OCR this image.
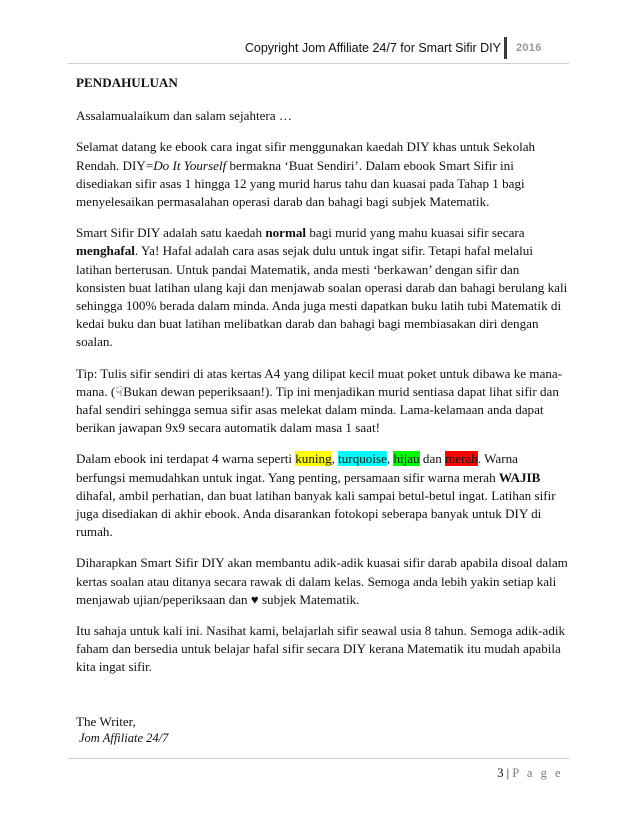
Copyright Jom Affiliate 24/7 for Smart Sifir DIY 2016

PENDAHULUAN

Assalamualaikum dan salam sejahtera …

Selamat datang ke ebook cara ingat sifir menggunakan kaedah DIY khas untuk Sekolah Rendah. DIY=Do It Yourself bermakna ‘Buat Sendiri’. Dalam ebook Smart Sifir ini disediakan sifir asas 1 hingga 12 yang murid harus tahu dan kuasai pada Tahap 1 bagi menyelesaikan permasalahan operasi darab dan bahagi bagi subjek Matematik.

Smart Sifir DIY adalah satu kaedah normal bagi murid yang mahu kuasai sifir secara menghafal. Ya! Hafal adalah cara asas sejak dulu untuk ingat sifir. Tetapi hafal melalui latihan berterusan. Untuk pandai Matematik, anda mesti ‘berkawan’ dengan sifir dan konsisten buat latihan ulang kaji dan menjawab soalan operasi darab dan bahagi berulang kali sehingga 100% berada dalam minda. Anda juga mesti dapatkan buku latih tubi Matematik di kedai buku dan buat latihan melibatkan darab dan bahagi bagi membiasakan diri dengan soalan.

Tip: Tulis sifir sendiri di atas kertas A4 yang dilipat kecil muat poket untuk dibawa ke mana-mana. (☟Bukan dewan peperiksaan!). Tip ini menjadikan murid sentiasa dapat lihat sifir dan hafal sendiri sehingga semua sifir asas melekat dalam minda. Lama-kelamaan anda dapat berikan jawapan 9x9 secara automatik dalam masa 1 saat!

Dalam ebook ini terdapat 4 warna seperti kuning, turquoise, hijau dan merah. Warna berfungsi memudahkan untuk ingat. Yang penting, persamaan sifir warna merah WAJIB dihafal, ambil perhatian, dan buat latihan banyak kali sampai betul-betul ingat. Latihan sifir juga disediakan di akhir ebook. Anda disarankan fotokopi seberapa banyak untuk DIY di rumah.

Diharapkan Smart Sifir DIY akan membantu adik-adik kuasai sifir darab apabila disoal dalam kertas soalan atau ditanya secara rawak di dalam kelas. Semoga anda lebih yakin setiap kali menjawab ujian/peperiksaan dan ♥ subjek Matematik.

Itu sahaja untuk kali ini. Nasihat kami, belajarlah sifir seawal usia 8 tahun. Semoga adik-adik faham dan bersedia untuk belajar hafal sifir secara DIY kerana Matematik itu mudah apabila kita ingat sifir.

The Writer,
Jom Affiliate 24/7
3 | P a g e
